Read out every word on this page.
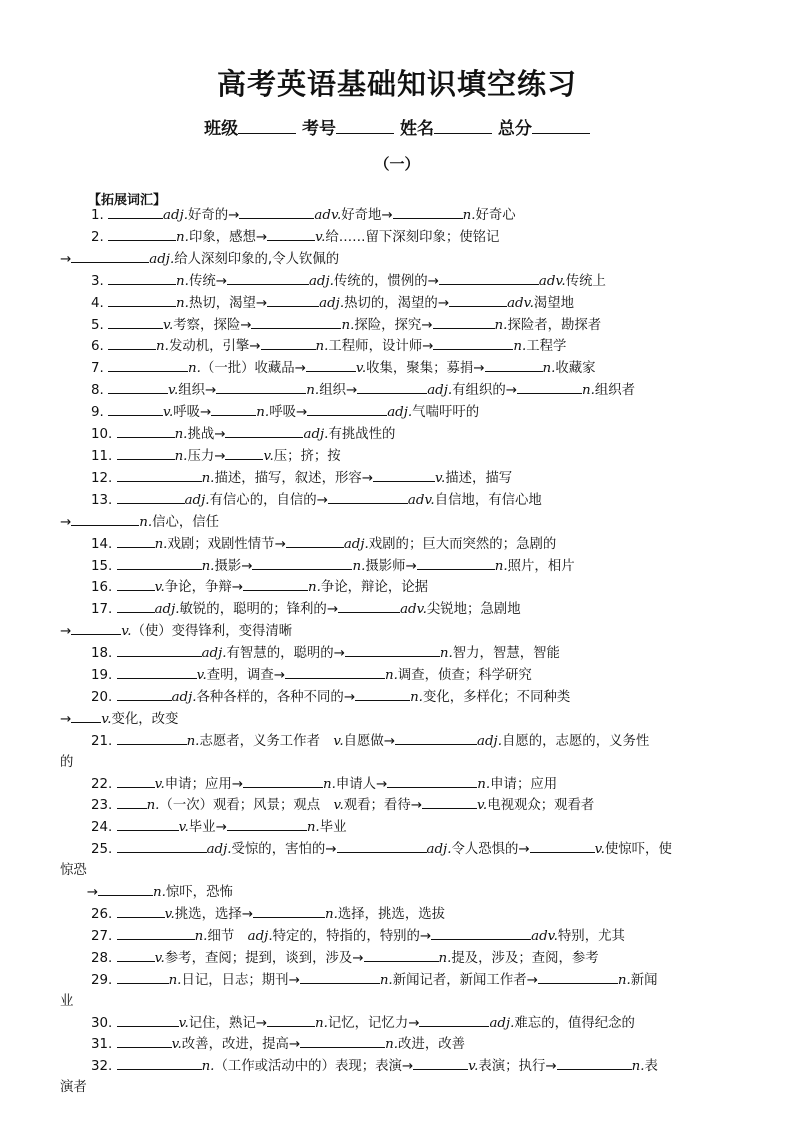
高考英语基础知识填空练习
班级	考号	姓名	总分
（一）
【拓展词汇】
1.	adj.好奇的→	adv.好奇地→	n.好奇心
2.	n.印象，感想→	v.给……留下深刻印象；使铭记
→	adj.给人深刻印象的,令人钦佩的
3.	n.传统→	adj.传统的，惯例的→	adv.传统上
4.	n.热切，渴望→	adj.热切的，渴望的→	adv.渴望地
5.	v.考察，探险→	n.探险，探究→	n.探险者，勘探者
6.	n.发动机，引擎→	n.工程师，设计师→	n.工程学
7.	n.（一批）收藏品→	v.收集，聚集；募捐→	n.收藏家
8.	v.组织→	n.组织→	adj.有组织的→	n.组织者
9.	v.呼吸→	n.呼吸→	adj.气喘吁吁的
10.	n.挑战→	adj.有挑战性的
11.	n.压力→	v.压；挤；按
12.	n.描述，描写，叙述，形容→	v.描述，描写
13.	adj.有信心的，自信的→	adv.自信地，有信心地
→	n.信心，信任
14.	n.戏剧；戏剧性情节→	adj.戏剧的；巨大而突然的；急剧的
15.	n.摄影→	n.摄影师→	n.照片，相片
16.	v.争论，争辩→	n.争论，辩论，论据
17.	adj.敏锐的，聪明的；锋利的→	adv.尖锐地；急剧地
→	v.（使）变得锋利，变得清晰
18.	adj.有智慧的，聪明的→	n.智力，智慧，智能
19.	v.查明，调查→	n.调查，侦查；科学研究
20.	adj.各种各样的，各种不同的→	n.变化，多样化；不同种类
→ v.变化，改变
21.	n.志愿者，义务工作者　v.自愿做→	adj.自愿的，志愿的，义务性
的
22.	v.申请；应用→	n.申请人→	n.申请；应用
23. n.（一次）观看；风景；观点　v.观看；看待→	v.电视观众；观看者
24.	v.毕业→	n.毕业
25.	adj.受惊的，害怕的→	adj.令人恐惧的→	v.使惊吓，使
惊恐
　　→	n.惊吓，恐怖
26.	v.挑选，选择→	n.选择，挑选，选拔
27.	n.细节　adj.特定的，特指的，特别的→	adv.特别，尤其
28.	v.参考，查阅；提到，谈到，涉及→	n.提及，涉及；查阅，参考
29.	n.日记，日志；期刊→	n.新闻记者，新闻工作者→	n.新闻
业
30.	v.记住，熟记→	n.记忆，记忆力→	adj.难忘的，值得纪念的
31.	v.改善，改进，提高→	n.改进，改善
32.	n.（工作或活动中的）表现；表演→	v.表演；执行→	n.表
演者
